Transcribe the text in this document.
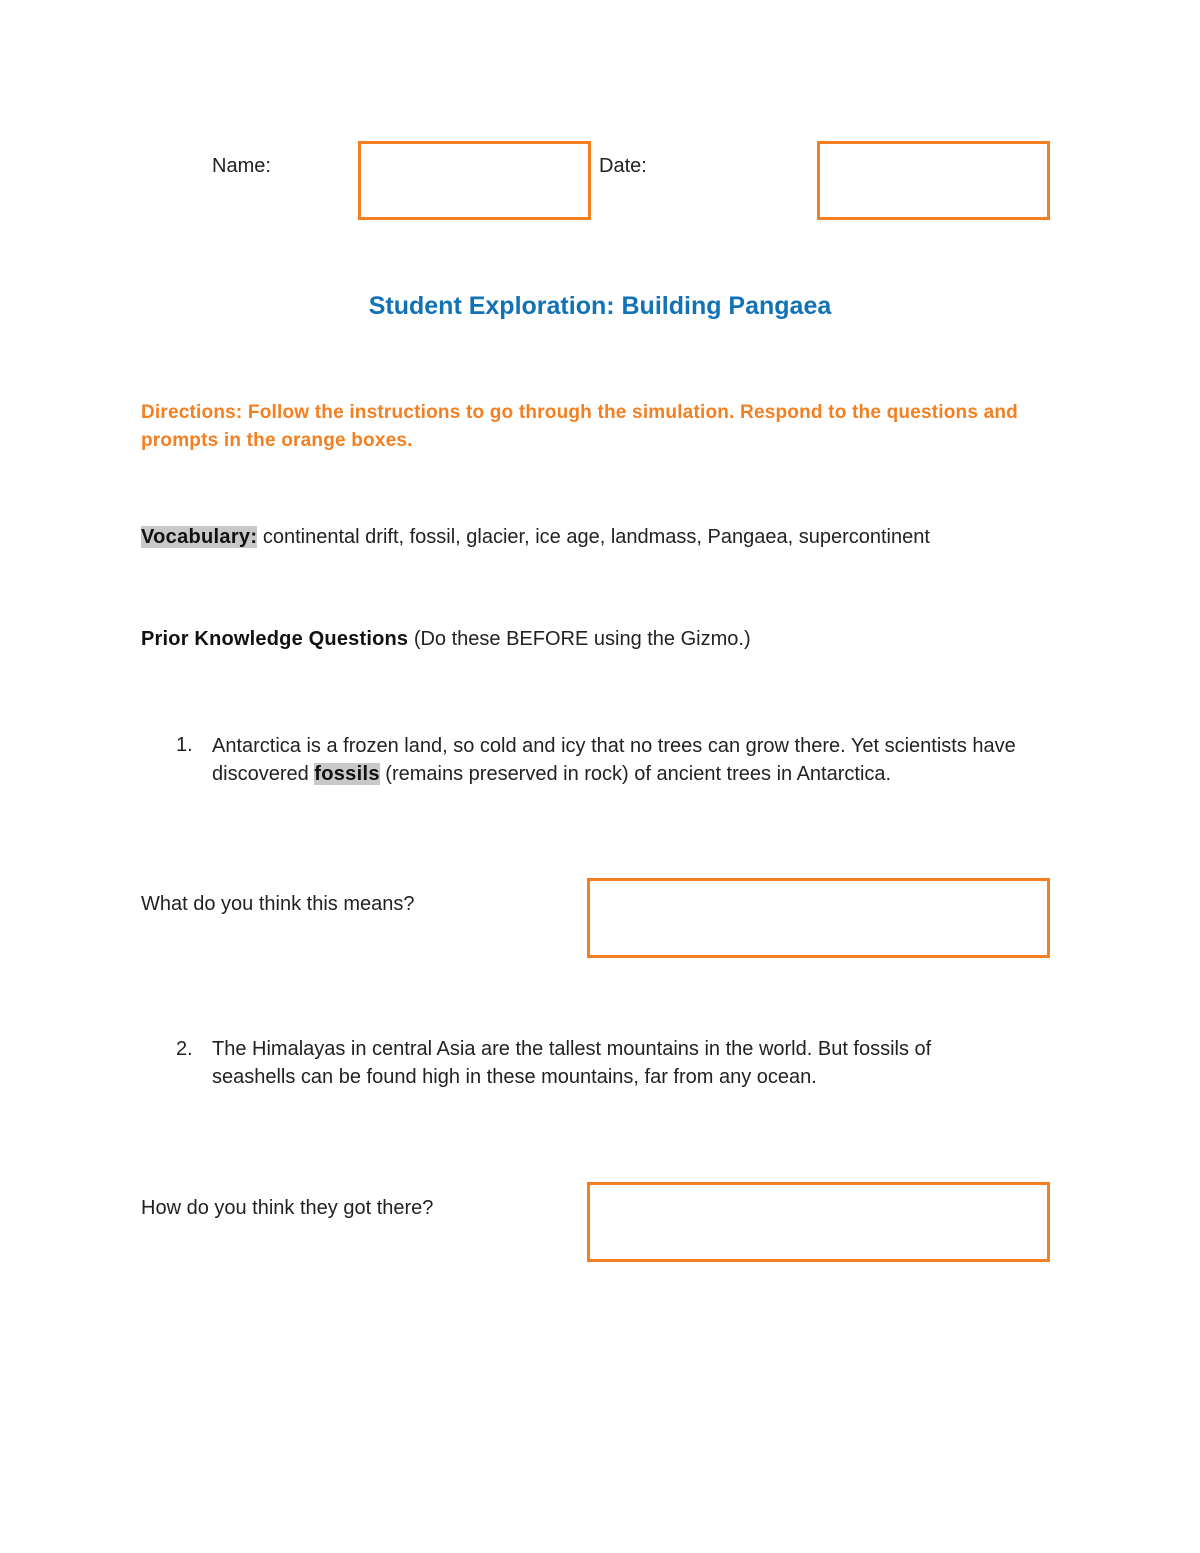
Name:	Date:
Student Exploration: Building Pangaea
Directions: Follow the instructions to go through the simulation. Respond to the questions and prompts in the orange boxes.
Vocabulary: continental drift, fossil, glacier, ice age, landmass, Pangaea, supercontinent
Prior Knowledge Questions (Do these BEFORE using the Gizmo.)
1. Antarctica is a frozen land, so cold and icy that no trees can grow there. Yet scientists have discovered fossils (remains preserved in rock) of ancient trees in Antarctica.
What do you think this means?
2. The Himalayas in central Asia are the tallest mountains in the world. But fossils of seashells can be found high in these mountains, far from any ocean.
How do you think they got there?
